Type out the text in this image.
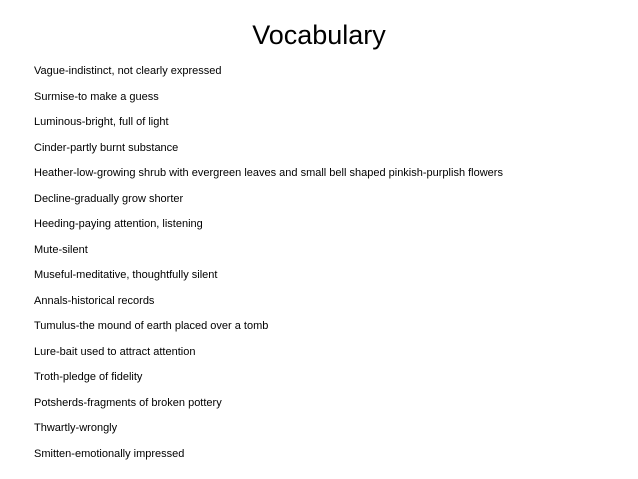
Vocabulary
Vague-indistinct, not clearly expressed
Surmise-to make a guess
Luminous-bright, full of light
Cinder-partly burnt substance
Heather-low-growing shrub with evergreen leaves and small bell shaped pinkish-purplish flowers
Decline-gradually grow shorter
Heeding-paying attention, listening
Mute-silent
Museful-meditative, thoughtfully silent
Annals-historical records
Tumulus-the mound of earth placed over a tomb
Lure-bait used to attract attention
Troth-pledge of fidelity
Potsherds-fragments of broken pottery
Thwartly-wrongly
Smitten-emotionally impressed
